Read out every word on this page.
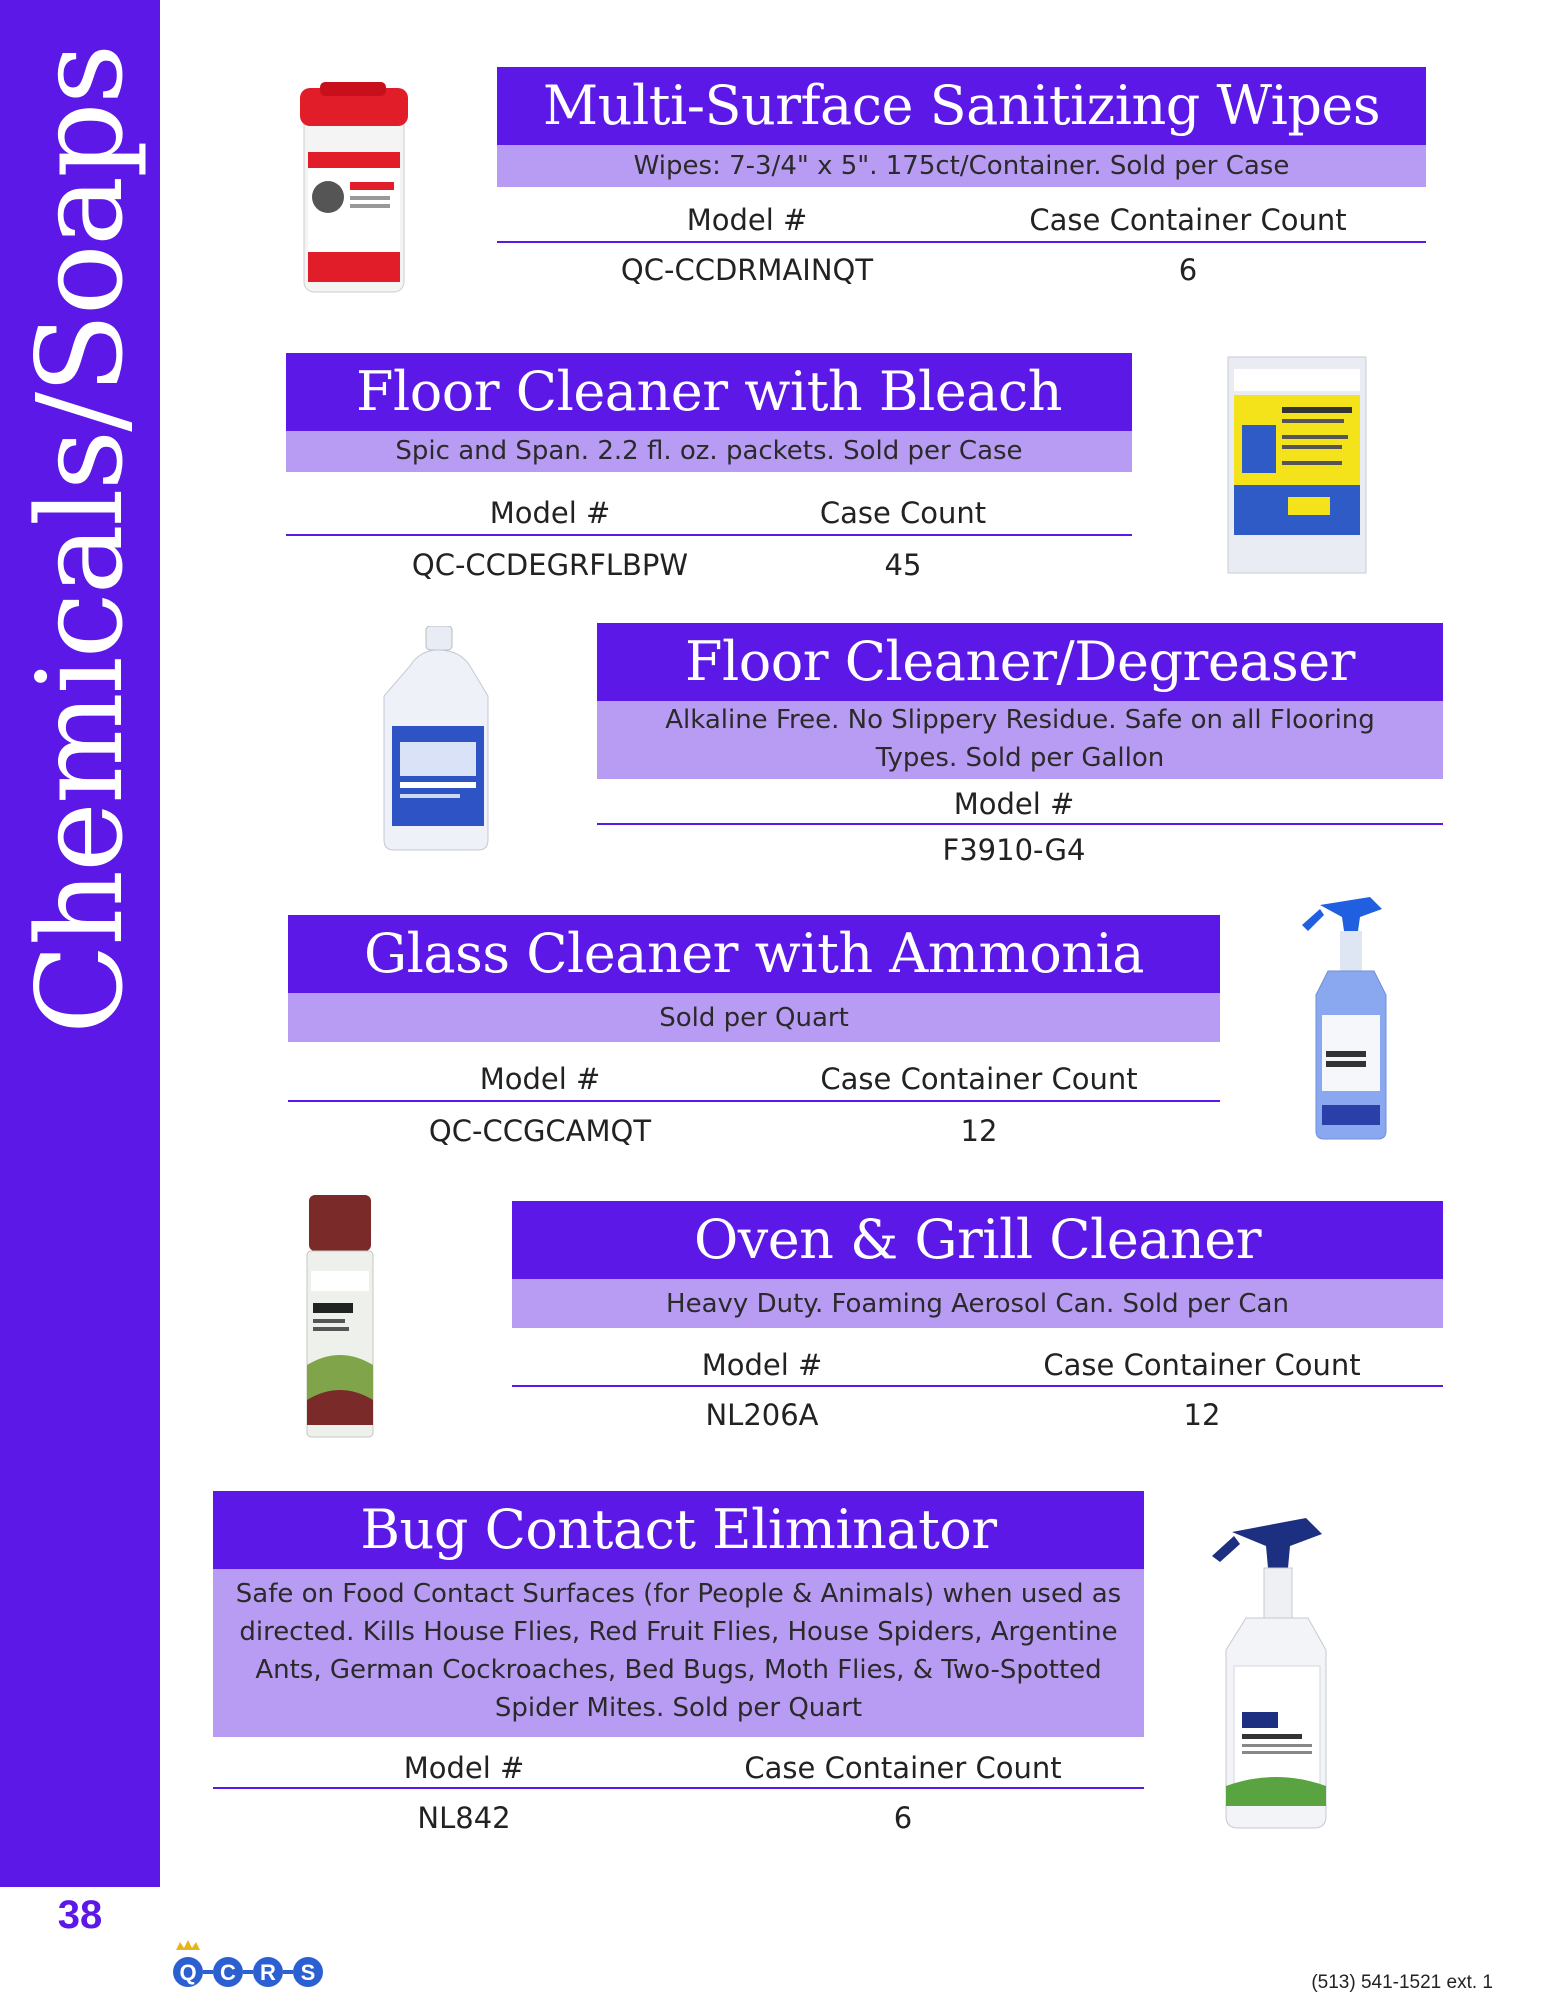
Chemicals/Soaps
38
Multi-Surface Sanitizing Wipes
Wipes: 7-3/4" x 5". 175ct/Container. Sold per Case
Model #	Case Container Count
QC-CCDRMAINQT	6
Floor Cleaner with Bleach
Spic and Span. 2.2 fl. oz. packets. Sold per Case
Model #	Case Count
QC-CCDEGRFLBPW	45
Floor Cleaner/Degreaser
Alkaline Free. No Slippery Residue. Safe on all Flooring Types. Sold per Gallon
Model #
F3910-G4
Glass Cleaner with Ammonia
Sold per Quart
Model #	Case Container Count
QC-CCGCAMQT	12
Oven & Grill Cleaner
Heavy Duty. Foaming Aerosol Can. Sold per Can
Model #	Case Container Count
NL206A	12
Bug Contact Eliminator
Safe on Food Contact Surfaces (for People & Animals) when used as directed. Kills House Flies, Red Fruit Flies, House Spiders, Argentine Ants, German Cockroaches, Bed Bugs, Moth Flies, & Two-Spotted Spider Mites. Sold per Quart
Model #	Case Container Count
NL842	6
Q C R S	(513) 541-1521 ext. 1
